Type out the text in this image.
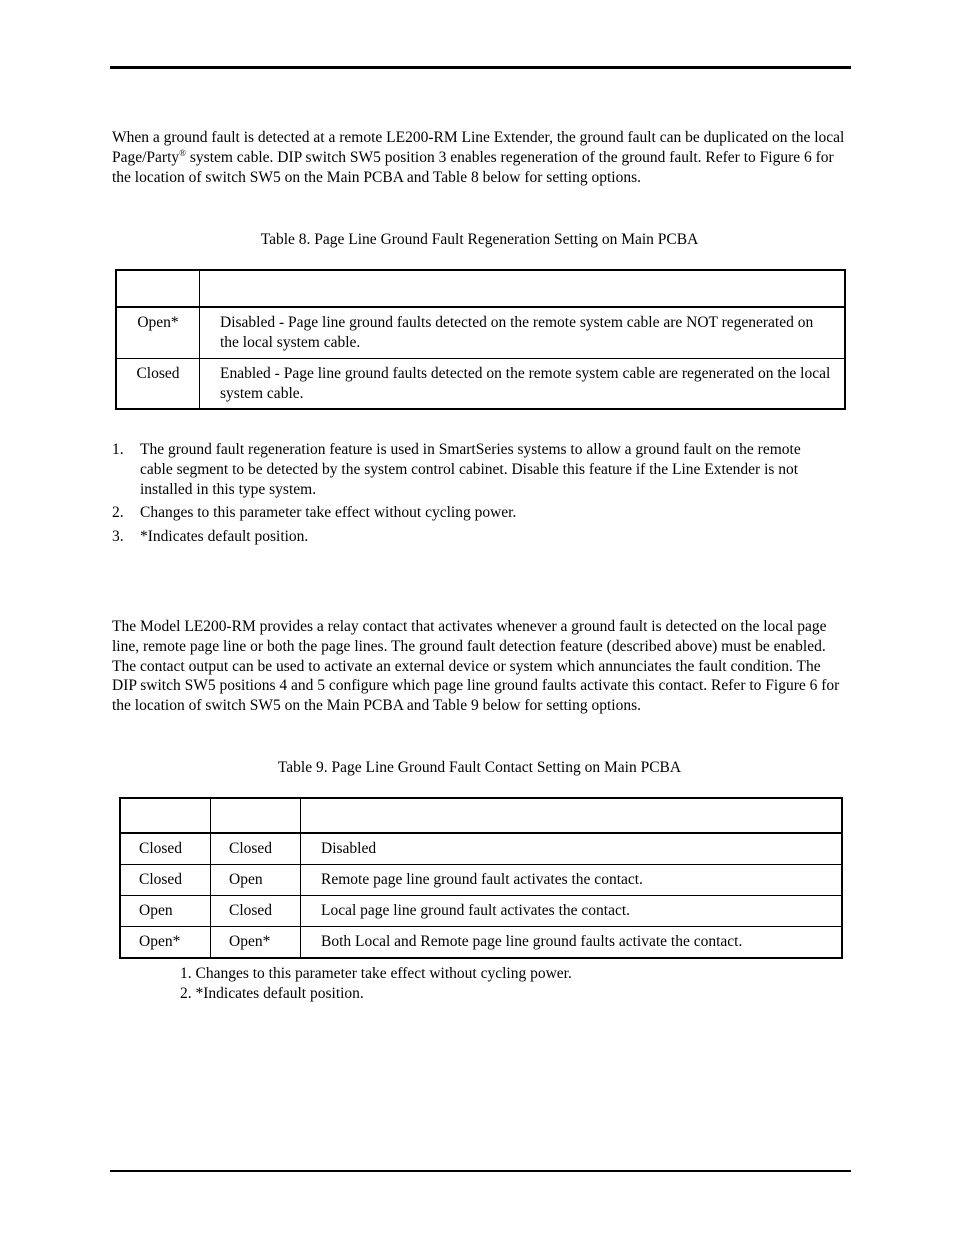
When a ground fault is detected at a remote LE200-RM Line Extender, the ground fault can be duplicated on the local Page/Party® system cable. DIP switch SW5 position 3 enables regeneration of the ground fault. Refer to Figure 6 for the location of switch SW5 on the Main PCBA and Table 8 below for setting options.

Table 8. Page Line Ground Fault Regeneration Setting on Main PCBA

Open*	Disabled - Page line ground faults detected on the remote system cable are NOT regenerated on the local system cable.
Closed	Enabled - Page line ground faults detected on the remote system cable are regenerated on the local system cable.
1. The ground fault regeneration feature is used in SmartSeries systems to allow a ground fault on the remote cable segment to be detected by the system control cabinet. Disable this feature if the Line Extender is not installed in this type system.
2. Changes to this parameter take effect without cycling power.
3. *Indicates default position.

The Model LE200-RM provides a relay contact that activates whenever a ground fault is detected on the local page line, remote page line or both the page lines. The ground fault detection feature (described above) must be enabled. The contact output can be used to activate an external device or system which annunciates the fault condition. The DIP switch SW5 positions 4 and 5 configure which page line ground faults activate this contact. Refer to Figure 6 for the location of switch SW5 on the Main PCBA and Table 9 below for setting options.

Table 9. Page Line Ground Fault Contact Setting on Main PCBA

Closed	Closed	Disabled
Closed	Open	Remote page line ground fault activates the contact.
Open	Closed	Local page line ground fault activates the contact.
Open*	Open*	Both Local and Remote page line ground faults activate the contact.
1. Changes to this parameter take effect without cycling power.
2. *Indicates default position.
